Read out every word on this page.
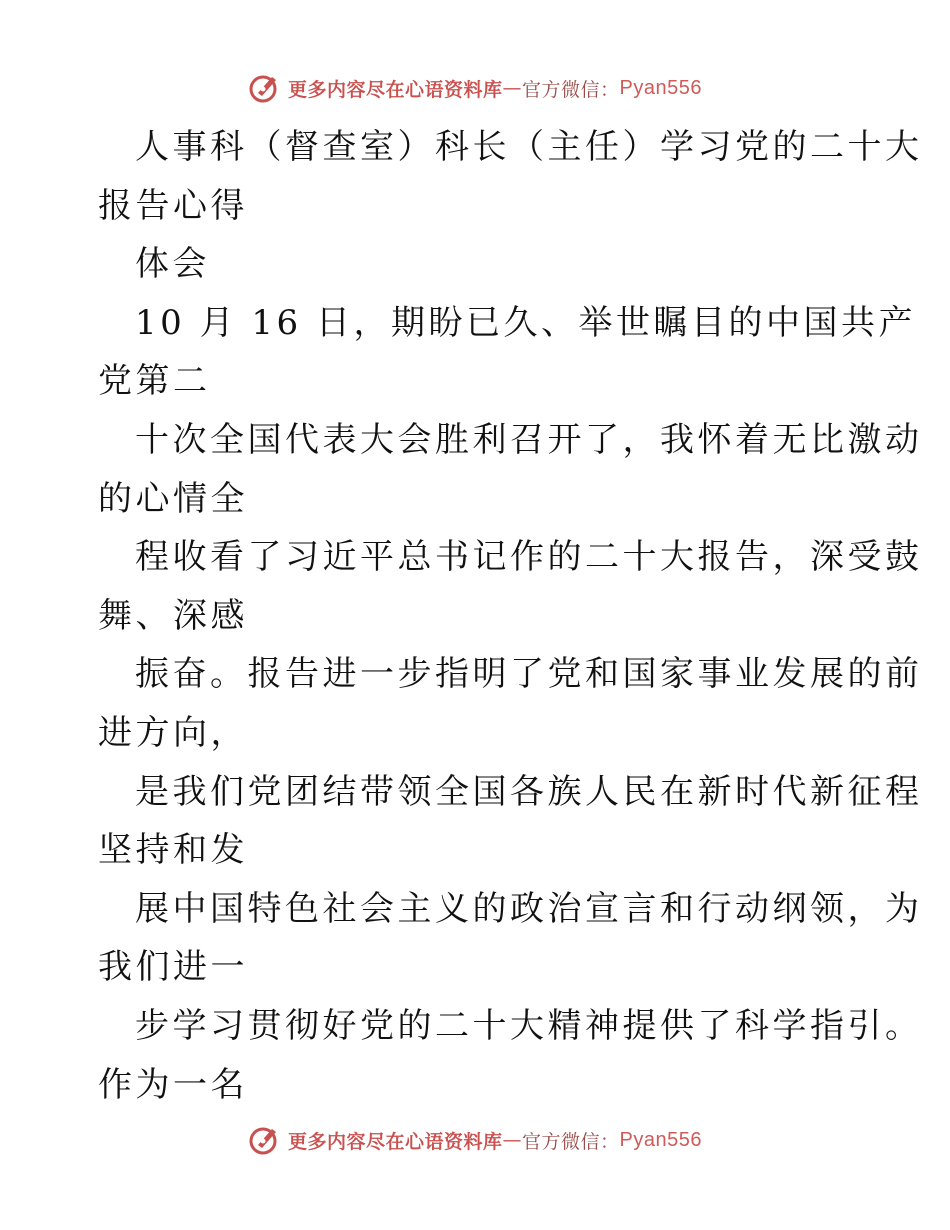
更多内容尽在心语资料库 — 官方微信： Pyan556
人事科（督查室）科长（主任）学习党的二十大
报告心得
体会
10 月 16 日，期盼已久、举世瞩目的中国共产
党第二
十次全国代表大会胜利召开了，我怀着无比激动
的心情全
程收看了习近平总书记作的二十大报告，深受鼓
舞、深感
振奋。报告进一步指明了党和国家事业发展的前
进方向，
是我们党团结带领全国各族人民在新时代新征程
坚持和发
展中国特色社会主义的政治宣言和行动纲领，为
我们进一
步学习贯彻好党的二十大精神提供了科学指引。
作为一名
更多内容尽在心语资料库 — 官方微信： Pyan556
